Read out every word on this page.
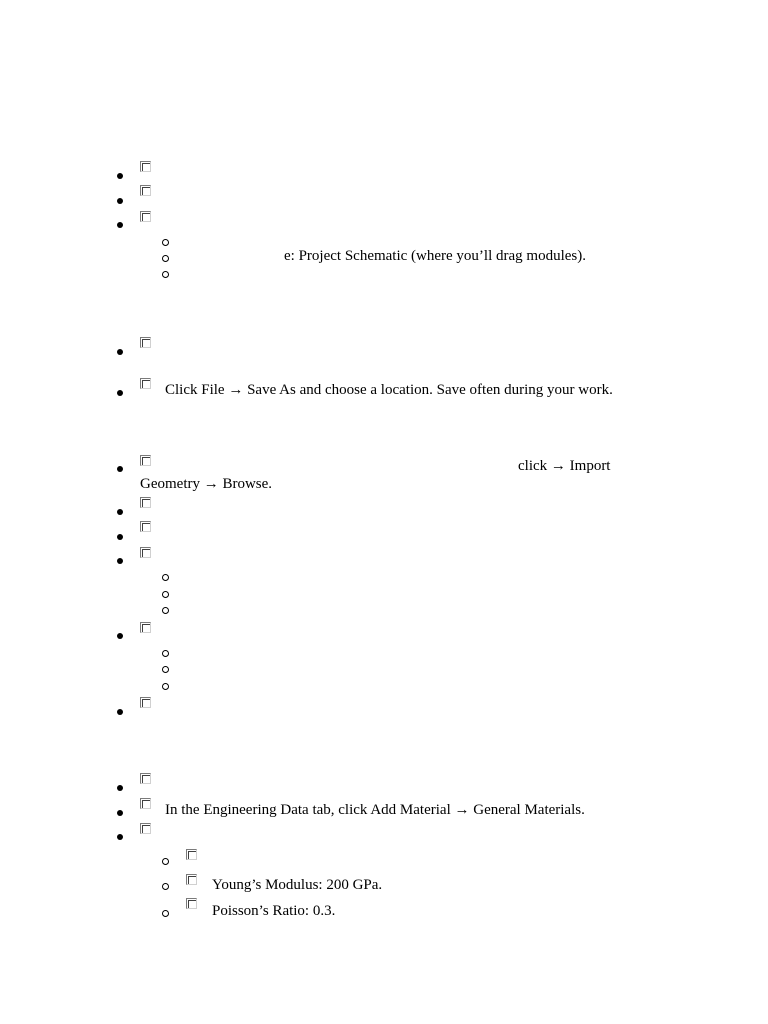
e: Project Schematic (where you’ll drag modules).
Click File → Save As and choose a location. Save often during your work.
click → Import
Geometry → Browse.
In the Engineering Data tab, click Add Material → General Materials.
Young’s Modulus: 200 GPa.
Poisson’s Ratio: 0.3.
